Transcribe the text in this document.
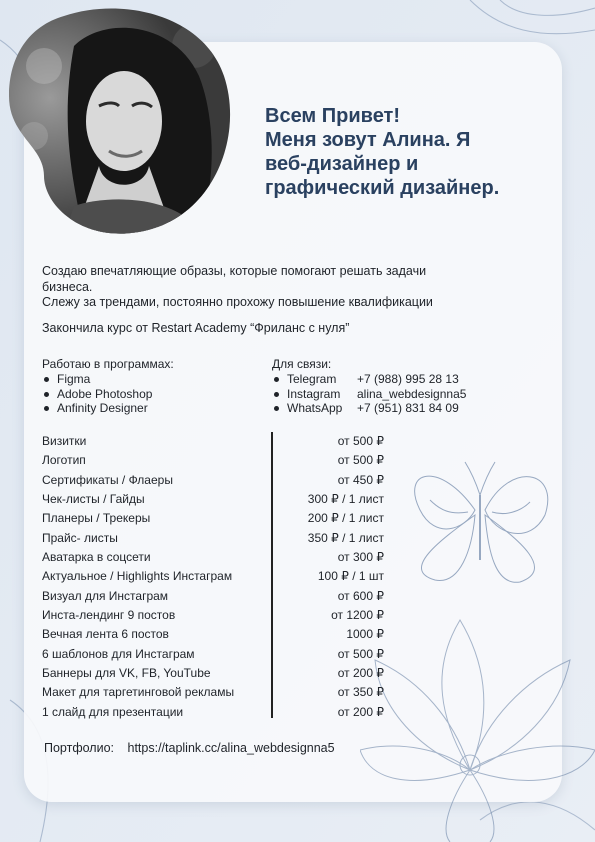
Всем Привет!
Меня зовут Алина. Я
веб-дизайнер и
графический дизайнер.
Создаю впечатляющие образы, которые помогают решать задачи
бизнеса.
Слежу за трендами, постоянно прохожу повышение квалификации
Закончила курс от Restart Academy “Фриланс с нуля”
Работаю в программах:
Figma
Adobe Photoshop
Anfinity Designer
Для связи:
Telegram +7 (988) 995 28 13
Instagram alina_webdesignna5
WhatsApp +7 (951) 831 84 09
Визитки	от 500 ₽
Логотип	от 500 ₽
Сертификаты / Флаеры	от 450 ₽
Чек-листы / Гайды	300 ₽ / 1 лист
Планеры / Трекеры	200 ₽ / 1 лист
Прайс- листы	350 ₽ / 1 лист
Аватарка в соцсети	от 300 ₽
Актуальное / Highlights Инстаграм	100 ₽ / 1 шт
Визуал для Инстаграм	от 600 ₽
Инста-лендинг 9 постов	от 1200 ₽
Вечная лента 6 постов	1000 ₽
6 шаблонов для Инстаграм	от 500 ₽
Баннеры для VK, FB, YouTube	от 200 ₽
Макет для таргетинговой рекламы	от 350 ₽
1 слайд для презентации	от 200 ₽
Портфолио: https://taplink.cc/alina_webdesignna5
